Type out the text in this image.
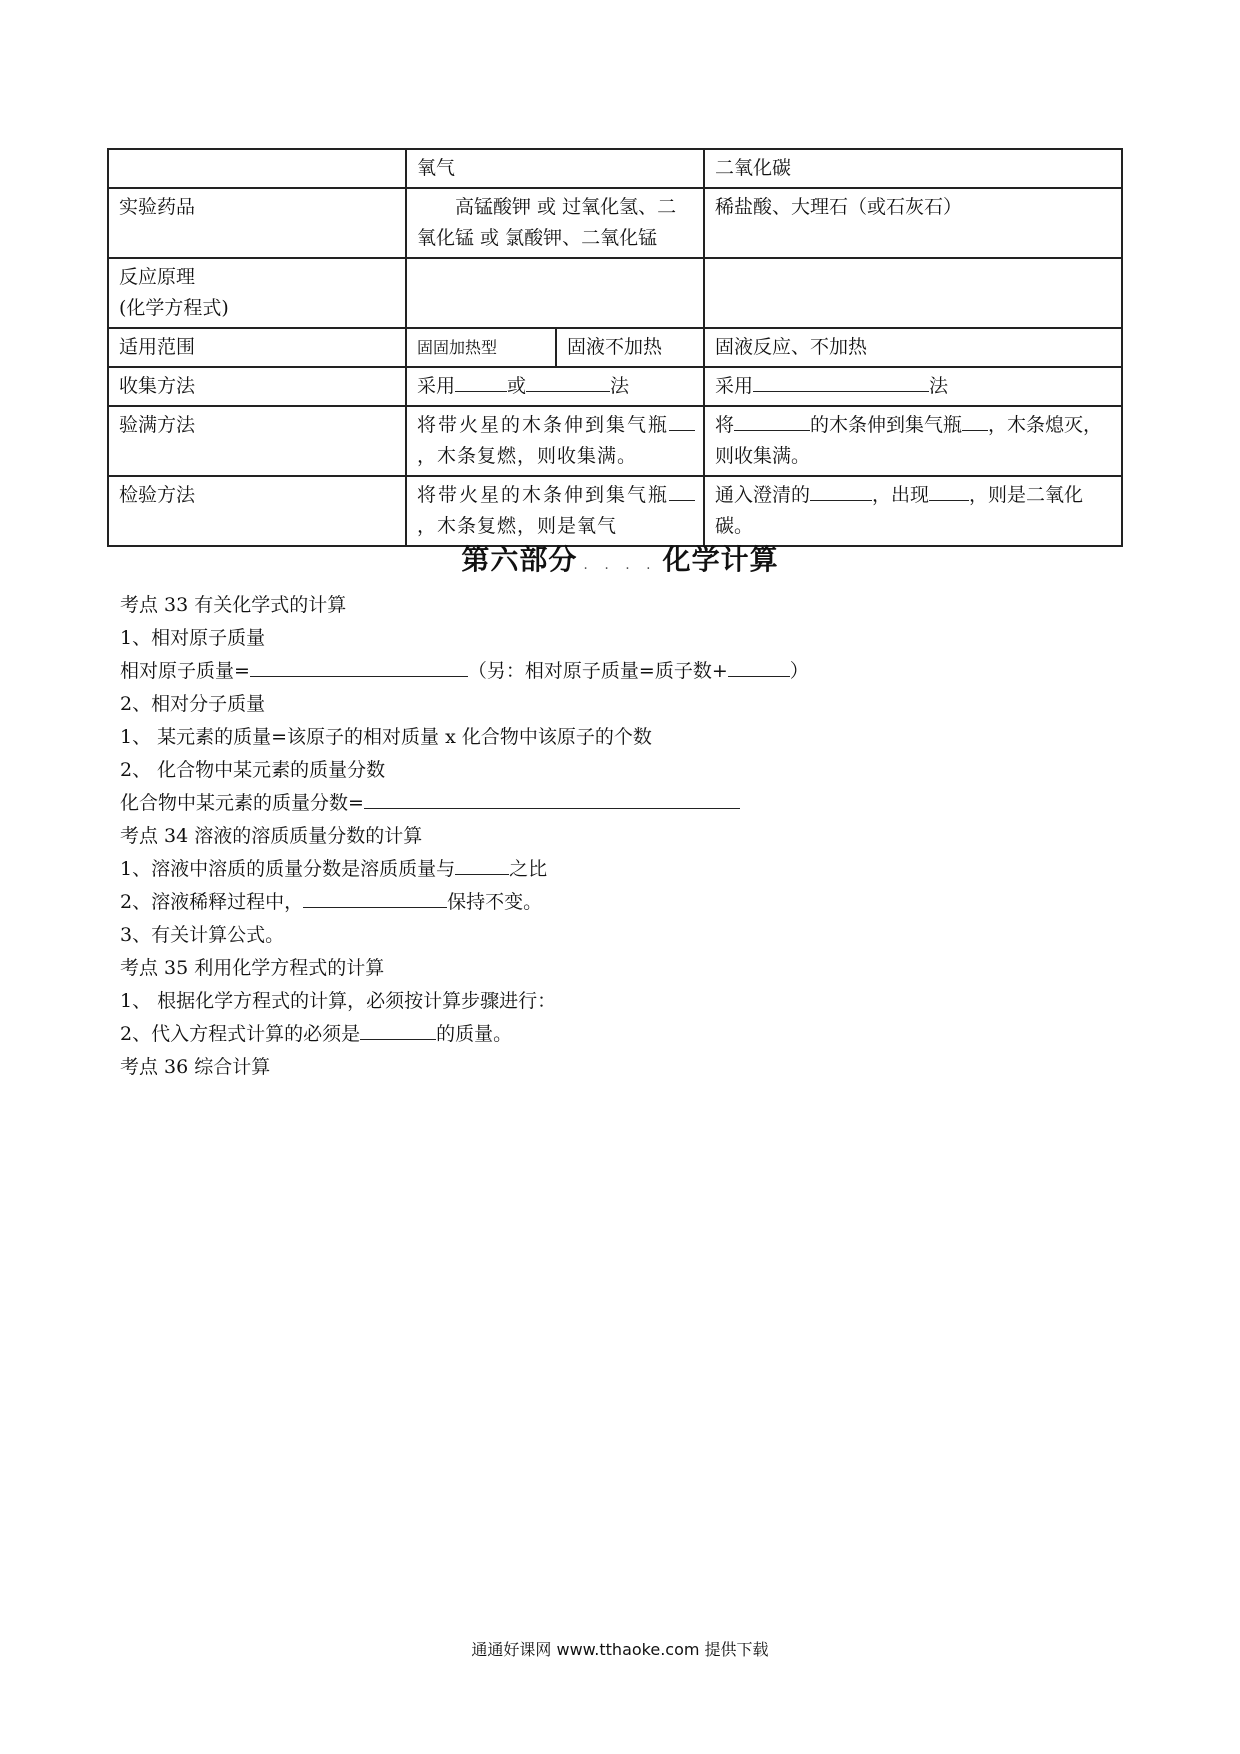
	氧气		二氧化碳
实验药品	高锰酸钾 或 过氧化氢、二氧化锰 或 氯酸钾、二氧化锰		稀盐酸、大理石（或石灰石）

反应原理
(化学方程式)			

适用范围	固固加热型	固液不加热	固液反应、不加热
收集方法	采用 或 法		采用 法
验满方法	将带火星的木条伸到集气瓶，木条复燃，则收集满。		将 的木条伸到集气瓶 ，木条熄灭，则收集满。
检验方法	将带火星的木条伸到集气瓶，木条复燃，则是氧气		通入澄清的 ，出现 ，则是二氧化碳。
第六部分 . . . . 化学计算

考点 33 有关化学式的计算

1、相对原子质量

相对原子质量=	（另：相对原子质量=质子数+	）

2、相对分子质量

1、 某元素的质量=该原子的相对质量 x 化合物中该原子的个数

2、 化合物中某元素的质量分数

化合物中某元素的质量分数=

考点 34 溶液的溶质质量分数的计算

1、溶液中溶质的质量分数是溶质质量与	之比

2、溶液稀释过程中，	保持不变。

3、有关计算公式。

考点 35 利用化学方程式的计算

1、 根据化学方程式的计算，必须按计算步骤进行：

2、代入方程式计算的必须是	的质量。

考点 36 综合计算

通通好课网 www.tthaoke.com 提供下载
